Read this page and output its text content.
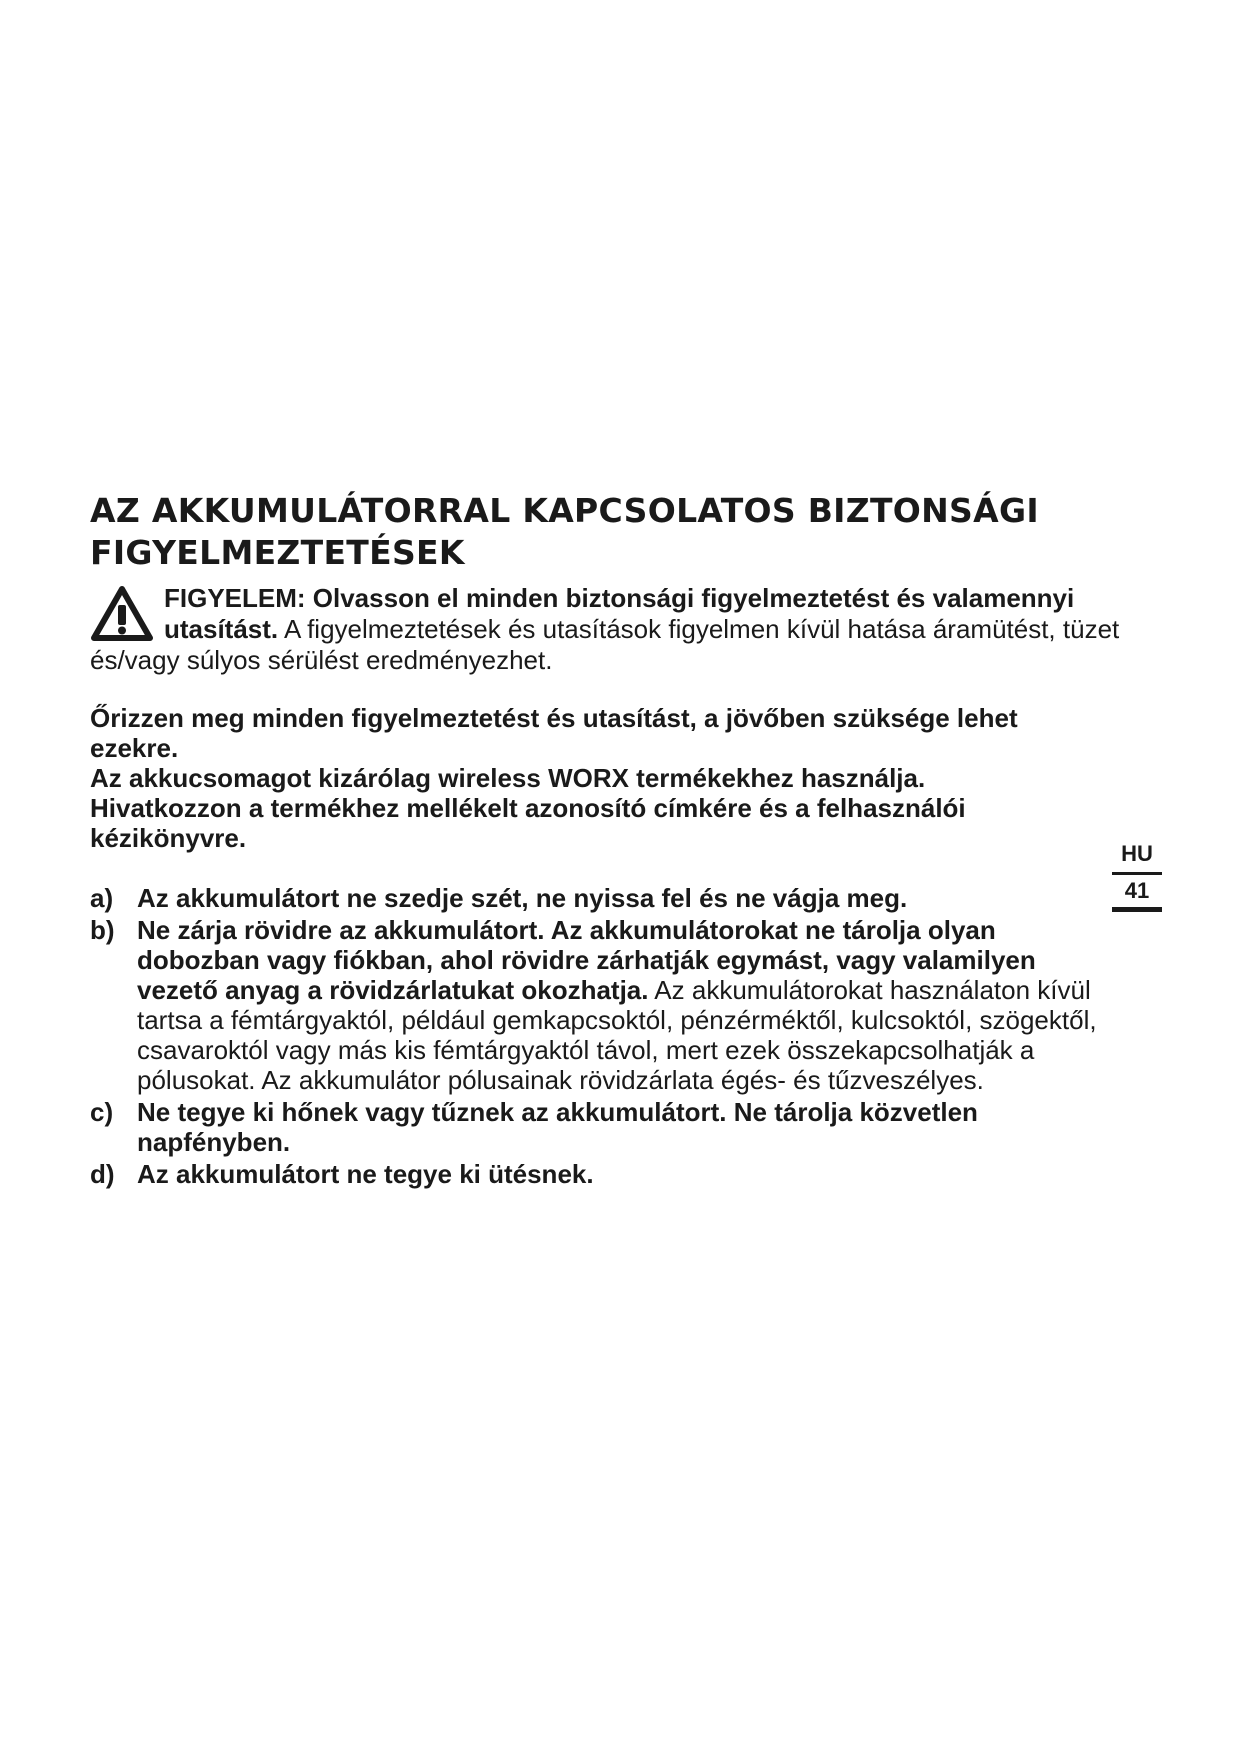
AZ AKKUMULÁTORRAL KAPCSOLATOS BIZTONSÁGI FIGYELMEZTETÉSEK
FIGYELEM: Olvasson el minden biztonsági figyelmeztetést és valamennyi utasítást. A figyelmeztetések és utasítások figyelmen kívül hatása áramütést, tüzet és/vagy súlyos sérülést eredményezhet.

Őrizzen meg minden figyelmeztetést és utasítást, a jövőben szüksége lehet ezekre.

Az akkucsomagot kizárólag wireless WORX termékekhez használja.

Hivatkozzon a termékhez mellékelt azonosító címkére és a felhasználói kézikönyvre.

a) Az akkumulátort ne szedje szét, ne nyissa fel és ne vágja meg.
b) Ne zárja rövidre az akkumulátort. Az akkumulátorokat ne tárolja olyan dobozban vagy fiókban, ahol rövidre zárhatják egymást, vagy valamilyen vezető anyag a rövidzárlatukat okozhatja. Az akkumulátorokat használaton kívül tartsa a fémtárgyaktól, például gemkapcsoktól, pénzérméktől, kulcsoktól, szögektől, csavaroktól vagy más kis fémtárgyaktól távol, mert ezek összekapcsolhatják a pólusokat. Az akkumulátor pólusainak rövidzárlata égés- és tűzveszélyes.
c) Ne tegye ki hőnek vagy tűznek az akkumulátort. Ne tárolja közvetlen napfényben.
d) Az akkumulátort ne tegye ki ütésnek.
HU
41
